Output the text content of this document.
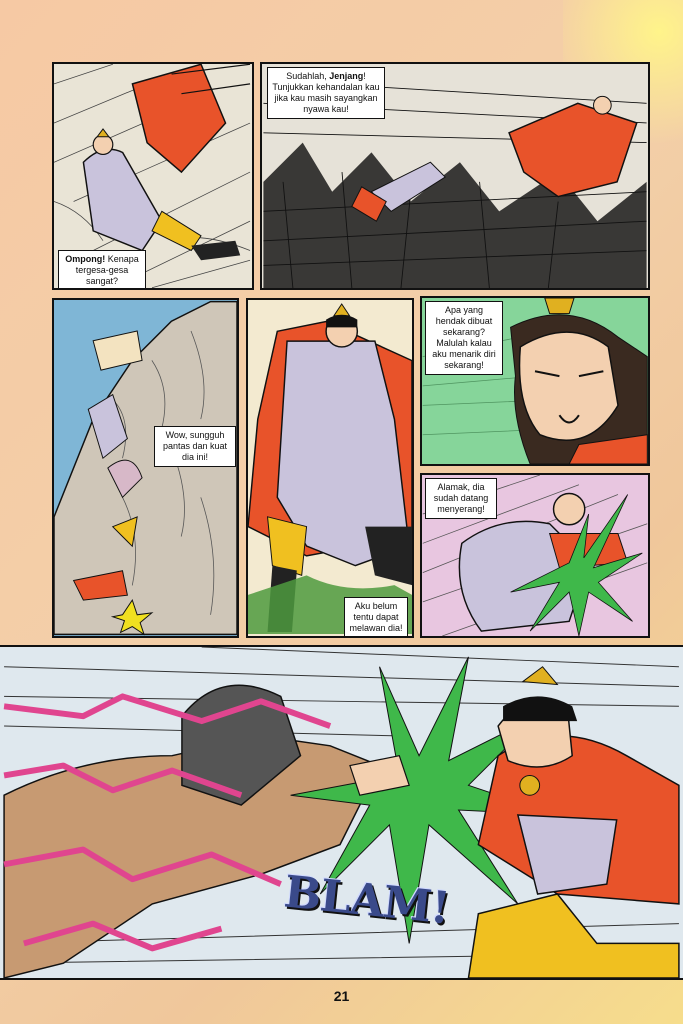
Ompong! Kenapa tergesa-gesa sangat?
Sudahlah, Jenjang! Tunjukkan kehandalan kau jika kau masih sayangkan nyawa kau!
Wow, sungguh pantas dan kuat dia ini!
Aku belum tentu dapat melawan dia!
Apa yang hendak dibuat sekarang? Malulah kalau aku menarik diri sekarang!
Alamak, dia sudah datang menyerang!
BLAM!
21
